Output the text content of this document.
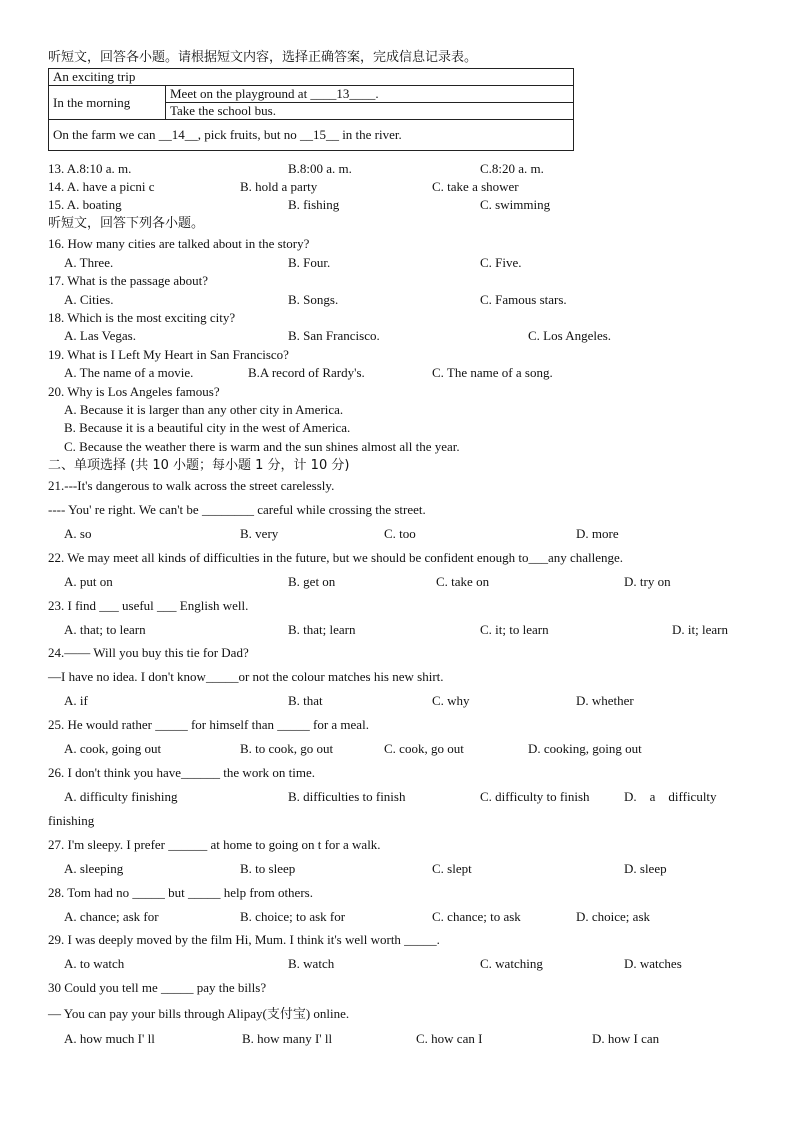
听短文，回答各小题。请根据短文内容，选择正确答案，完成信息记录表。
An exciting trip
In the morning	Meet on the playground at ____13____.
Take the school bus.
On the farm we can __14__, pick fruits, but no __15__ in the river.
13. A.8:10 a. m.	B.8:00 a. m.	C.8:20 a. m.
14. A. have a picni c	B. hold a party	C. take a shower
15. A. boating	B. fishing	C. swimming
听短文，回答下列各小题。
16. How many cities are talked about in the story?
A. Three.	B. Four.	C. Five.
17. What is the passage about?
A. Cities.	B. Songs.	C. Famous stars.
18. Which is the most exciting city?
A. Las Vegas.	B. San Francisco.	C. Los Angeles.
19. What is I Left My Heart in San Francisco?
A. The name of a movie.	B.A record of Rardy's.	C. The name of a song.
20. Why is Los Angeles famous?
A. Because it is larger than any other city in America.
B. Because it is a beautiful city in the west of America.
C. Because the weather there is warm and the sun shines almost all the year.
二、单项选择 (共 10 小题；每小题 1 分，计 10 分)
21.---It's dangerous to walk across the street carelessly.
---- You' re right. We can't be ________ careful while crossing the street.
A. so	B. very	C. too	D. more
22. We may meet all kinds of difficulties in the future, but we should be confident enough to___any challenge.
A. put on	B. get on	C. take on	D. try on
23. I find ___ useful ___ English well.
A. that; to learn	B. that; learn	C. it; to learn	D. it; learn
24.—— Will you buy this tie for Dad?
—I have no idea. I don't know_____or not the colour matches his new shirt.
A. if	B. that	C. why	D. whether
25. He would rather _____ for himself than _____ for a meal.
A. cook, going out	B. to cook, go out	C. cook, go out	D. cooking, going out
26. I don't think you have______ the work on time.
A. difficulty finishing	B. difficulties to finish	C. difficulty to finish	D.    a    difficulty
finishing
27. I'm sleepy. I prefer ______ at home to going on t for a walk.
A. sleeping	B. to sleep	C. slept	D. sleep
28. Tom had no _____ but _____ help from others.
A. chance; ask for	B. choice; to ask for	C. chance; to ask	D. choice; ask
29. I was deeply moved by the film Hi, Mum. I think it's well worth _____.
A. to watch	B. watch	C. watching	D. watches
30 Could you tell me _____ pay the bills?
— You can pay your bills through Alipay(支付宝) online.
A. how much I' ll	B. how many I' ll	C. how can I	D. how I can
